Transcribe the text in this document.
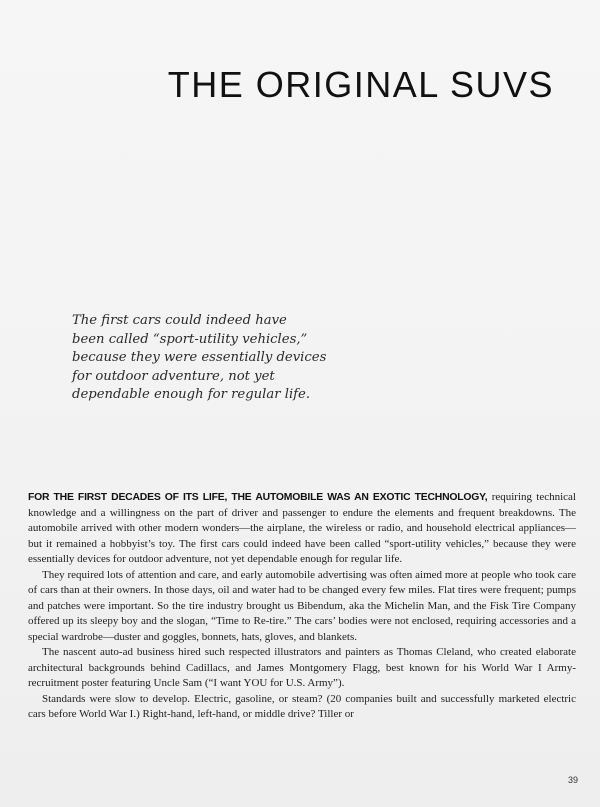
THE ORIGINAL SUVS
The first cars could indeed have
been called “sport-utility vehicles,”
because they were essentially devices
for outdoor adventure, not yet
dependable enough for regular life.

FOR THE FIRST DECADES OF ITS LIFE, THE AUTOMOBILE WAS AN EXOTIC TECHNOLOGY, requiring technical knowledge and a willingness on the part of driver and passenger to endure the elements and frequent breakdowns. The automobile arrived with other modern wonders—the airplane, the wireless or radio, and household electrical appliances—but it remained a hobbyist’s toy. The first cars could indeed have been called “sport-utility vehicles,” because they were essentially devices for outdoor adventure, not yet dependable enough for regular life.

They required lots of attention and care, and early automobile advertising was often aimed more at people who took care of cars than at their owners. In those days, oil and water had to be changed every few miles. Flat tires were frequent; pumps and patches were important. So the tire industry brought us Bibendum, aka the Michelin Man, and the Fisk Tire Company offered up its sleepy boy and the slogan, “Time to Re-tire.” The cars’ bodies were not enclosed, requiring accessories and a special wardrobe—duster and goggles, bonnets, hats, gloves, and blankets.

The nascent auto-ad business hired such respected illustrators and painters as Thomas Cleland, who created elaborate architectural backgrounds behind Cadillacs, and James Montgomery Flagg, best known for his World War I Army-recruitment poster featuring Uncle Sam (“I want YOU for U.S. Army”).

Standards were slow to develop. Electric, gasoline, or steam? (20 companies built and successfully marketed electric cars before World War I.) Right-hand, left-hand, or middle drive? Tiller or

39
